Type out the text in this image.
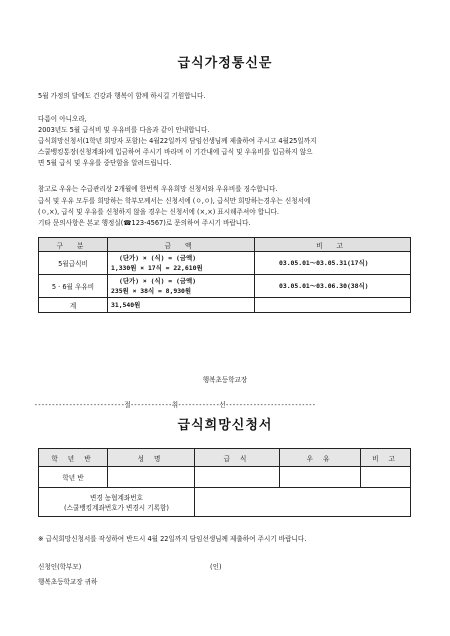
급식가정통신문
5월 가정의 달에도 건강과 행복이 함께 하시길 기원합니다.
다름이 아니오라,
2003년도 5월 급식비 및 우유비를 다음과 같이 안내합니다.
급식희망신청서(1학년 희망자 포함)는 4월22일까지 담임선생님께 제출하여 주시고 4월25일까지
스쿨뱅킹통장(신청계좌)에 입금하여 주시기 바라며 이 기간내에 급식 및 우유비를 입금하지 않으
면 5월 급식 및 우유를 중단함을 알려드립니다.
참고로 우유는 수급관리상 2개월에 한번씩 우유희망 신청서와 우유비를 징수합니다.
급식 및 우유 모두를 희망하는 학부모께서는 신청서에 (ㅇ,ㅇ), 급식만 희망하는경우는 신청서에
(ㅇ,×), 급식 및 우유를 신청하지 않을 경우는 신청서에 (×,×) 표시해주셔야 합니다.
기타 문의사항은 본교 행정실(☎123-4567)로 문의하여 주시기 바랍니다.
구 분	금 액	비 고
5월급식비	(단가) × (식) = (금액)
1,330원 × 17식 = 22,610원	03.05.01～03.05.31(17식)
5 · 6월 우유비	(단가) × (식) = (금액)
235원 × 38식 = 8,930원	03.05.01～03.06.30(38식)
계	31,540원	
행복초등학교장
--------------------------절------------취------------선--------------------------
급식희망신청서
학 년 반	성 명	급 식	우 유	비 고
학년 반				

변경 농협계좌번호
(스쿨뱅킹계좌번호가 변경시 기록함)				

※ 급식희망신청서를 작성하여 반드시 4월 22일까지 담임선생님께 제출하여 주시기 바랍니다.
신청인(학부모)	(인)
행복초등학교장 귀하
